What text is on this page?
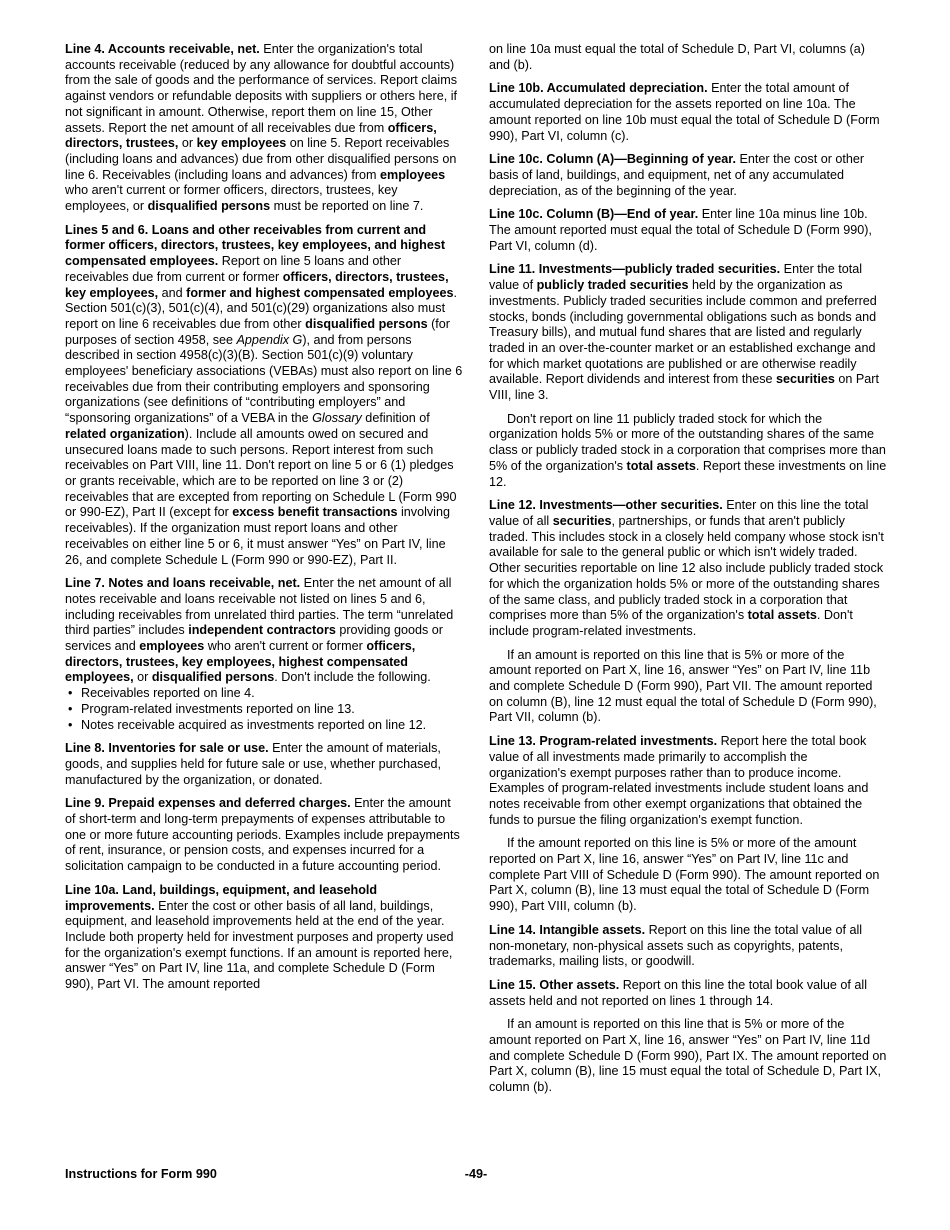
Line 4. Accounts receivable, net. Enter the organization's total accounts receivable (reduced by any allowance for doubtful accounts) from the sale of goods and the performance of services. Report claims against vendors or refundable deposits with suppliers or others here, if not significant in amount. Otherwise, report them on line 15, Other assets. Report the net amount of all receivables due from officers, directors, trustees, or key employees on line 5. Report receivables (including loans and advances) due from other disqualified persons on line 6. Receivables (including loans and advances) from employees who aren't current or former officers, directors, trustees, key employees, or disqualified persons must be reported on line 7.

Lines 5 and 6. Loans and other receivables from current and former officers, directors, trustees, key employees, and highest compensated employees. Report on line 5 loans and other receivables due from current or former officers, directors, trustees, key employees, and former and highest compensated employees. Section 501(c)(3), 501(c)(4), and 501(c)(29) organizations also must report on line 6 receivables due from other disqualified persons (for purposes of section 4958, see Appendix G), and from persons described in section 4958(c)(3)(B). Section 501(c)(9) voluntary employees' beneficiary associations (VEBAs) must also report on line 6 receivables due from their contributing employers and sponsoring organizations (see definitions of “contributing employers” and “sponsoring organizations” of a VEBA in the Glossary definition of related organization). Include all amounts owed on secured and unsecured loans made to such persons. Report interest from such receivables on Part VIII, line 11. Don't report on line 5 or 6 (1) pledges or grants receivable, which are to be reported on line 3 or (2) receivables that are excepted from reporting on Schedule L (Form 990 or 990-EZ), Part II (except for excess benefit transactions involving receivables). If the organization must report loans and other receivables on either line 5 or 6, it must answer “Yes” on Part IV, line 26, and complete Schedule L (Form 990 or 990-EZ), Part II.

Line 7. Notes and loans receivable, net. Enter the net amount of all notes receivable and loans receivable not listed on lines 5 and 6, including receivables from unrelated third parties. The term “unrelated third parties” includes independent contractors providing goods or services and employees who aren't current or former officers, directors, trustees, key employees, highest compensated employees, or disqualified persons. Don't include the following.

• Receivables reported on line 4.
• Program-related investments reported on line 13.
• Notes receivable acquired as investments reported on line 12.

Line 8. Inventories for sale or use. Enter the amount of materials, goods, and supplies held for future sale or use, whether purchased, manufactured by the organization, or donated.

Line 9. Prepaid expenses and deferred charges. Enter the amount of short-term and long-term prepayments of expenses attributable to one or more future accounting periods. Examples include prepayments of rent, insurance, or pension costs, and expenses incurred for a solicitation campaign to be conducted in a future accounting period.

Line 10a. Land, buildings, equipment, and leasehold improvements. Enter the cost or other basis of all land, buildings, equipment, and leasehold improvements held at the end of the year. Include both property held for investment purposes and property used for the organization's exempt functions. If an amount is reported here, answer “Yes” on Part IV, line 11a, and complete Schedule D (Form 990), Part VI. The amount reported

on line 10a must equal the total of Schedule D, Part VI, columns (a) and (b).

Line 10b. Accumulated depreciation. Enter the total amount of accumulated depreciation for the assets reported on line 10a. The amount reported on line 10b must equal the total of Schedule D (Form 990), Part VI, column (c).

Line 10c. Column (A)—Beginning of year. Enter the cost or other basis of land, buildings, and equipment, net of any accumulated depreciation, as of the beginning of the year.

Line 10c. Column (B)—End of year. Enter line 10a minus line 10b. The amount reported must equal the total of Schedule D (Form 990), Part VI, column (d).

Line 11. Investments—publicly traded securities. Enter the total value of publicly traded securities held by the organization as investments. Publicly traded securities include common and preferred stocks, bonds (including governmental obligations such as bonds and Treasury bills), and mutual fund shares that are listed and regularly traded in an over-the-counter market or an established exchange and for which market quotations are published or are otherwise readily available. Report dividends and interest from these securities on Part VIII, line 3.

Don't report on line 11 publicly traded stock for which the organization holds 5% or more of the outstanding shares of the same class or publicly traded stock in a corporation that comprises more than 5% of the organization's total assets. Report these investments on line 12.

Line 12. Investments—other securities. Enter on this line the total value of all securities, partnerships, or funds that aren't publicly traded. This includes stock in a closely held company whose stock isn't available for sale to the general public or which isn't widely traded. Other securities reportable on line 12 also include publicly traded stock for which the organization holds 5% or more of the outstanding shares of the same class, and publicly traded stock in a corporation that comprises more than 5% of the organization's total assets. Don't include program-related investments.

If an amount is reported on this line that is 5% or more of the amount reported on Part X, line 16, answer “Yes” on Part IV, line 11b and complete Schedule D (Form 990), Part VII. The amount reported on column (B), line 12 must equal the total of Schedule D (Form 990), Part VII, column (b).

Line 13. Program-related investments. Report here the total book value of all investments made primarily to accomplish the organization's exempt purposes rather than to produce income. Examples of program-related investments include student loans and notes receivable from other exempt organizations that obtained the funds to pursue the filing organization's exempt function.

If the amount reported on this line is 5% or more of the amount reported on Part X, line 16, answer “Yes” on Part IV, line 11c and complete Part VIII of Schedule D (Form 990). The amount reported on Part X, column (B), line 13 must equal the total of Schedule D (Form 990), Part VIII, column (b).

Line 14. Intangible assets. Report on this line the total value of all non-monetary, non-physical assets such as copyrights, patents, trademarks, mailing lists, or goodwill.

Line 15. Other assets. Report on this line the total book value of all assets held and not reported on lines 1 through 14.

If an amount is reported on this line that is 5% or more of the amount reported on Part X, line 16, answer “Yes” on Part IV, line 11d and complete Schedule D (Form 990), Part IX. The amount reported on Part X, column (B), line 15 must equal the total of Schedule D, Part IX, column (b).

Instructions for Form 990	-49-
